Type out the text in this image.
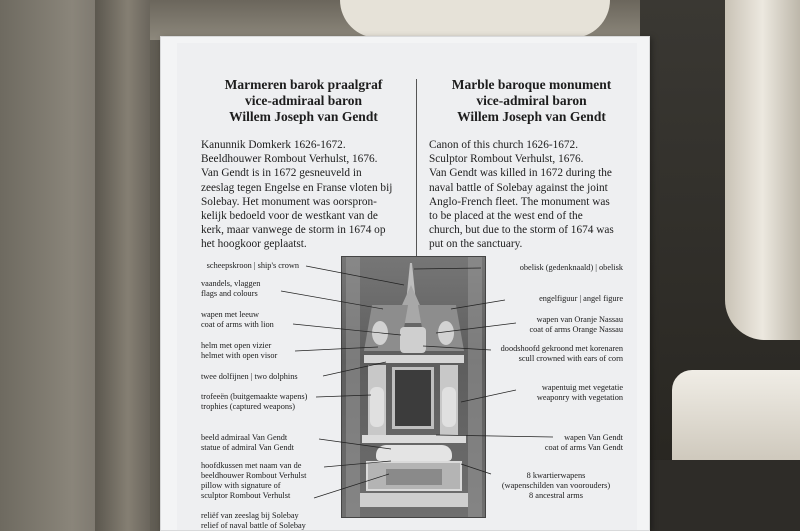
Marmeren barok praalgraf
vice-admiraal baron
Willem Joseph van Gendt
Kanunnik Domkerk 1626-1672.
Beeldhouwer Rombout Verhulst, 1676.
Van Gendt is in 1672 gesneuveld in
zeeslag tegen Engelse en Franse vloten bij
Solebay. Het monument was oorspron-
kelijk bedoeld voor de westkant van de
kerk, maar vanwege de storm in 1674 op
het hoogkoor geplaatst.
Marble baroque monument
vice-admiral baron
Willem Joseph van Gendt
Canon of this church 1626-1672.
Sculptor Rombout Verhulst, 1676.
Van Gendt was killed in 1672 during the
naval battle of Solebay against the joint
Anglo-French fleet. The monument was
to be placed at the west end of the
church, but due to the storm of 1674 was
put on the sanctuary.
scheepskroon | ship's crown
vaandels, vlaggen
flags and colours
wapen met leeuw
coat of arms with lion
helm met open vizier
helmet with open visor
twee dolfijnen | two dolphins
trofeeën (buitgemaakte wapens)
trophies (captured weapons)
beeld admiraal Van Gendt
statue of admiral Van Gendt
hoofdkussen met naam van de
beeldhouwer Rombout Verhulst
pillow with signature of
sculptor Rombout Verhulst
reliëf van zeeslag bij Solebay
relief of naval battle of Solebay
obelisk (gedenknaald) | obelisk
engelfiguur | angel figure
wapen van Oranje Nassau
coat of arms Orange Nassau
doodshoofd gekroond met korenaren
scull crowned with ears of corn
wapentuig met vegetatie
weaponry with vegetation
wapen Van Gendt
coat of arms Van Gendt
8 kwartierwapens
(wapenschilden van voorouders)
8 ancestral arms
